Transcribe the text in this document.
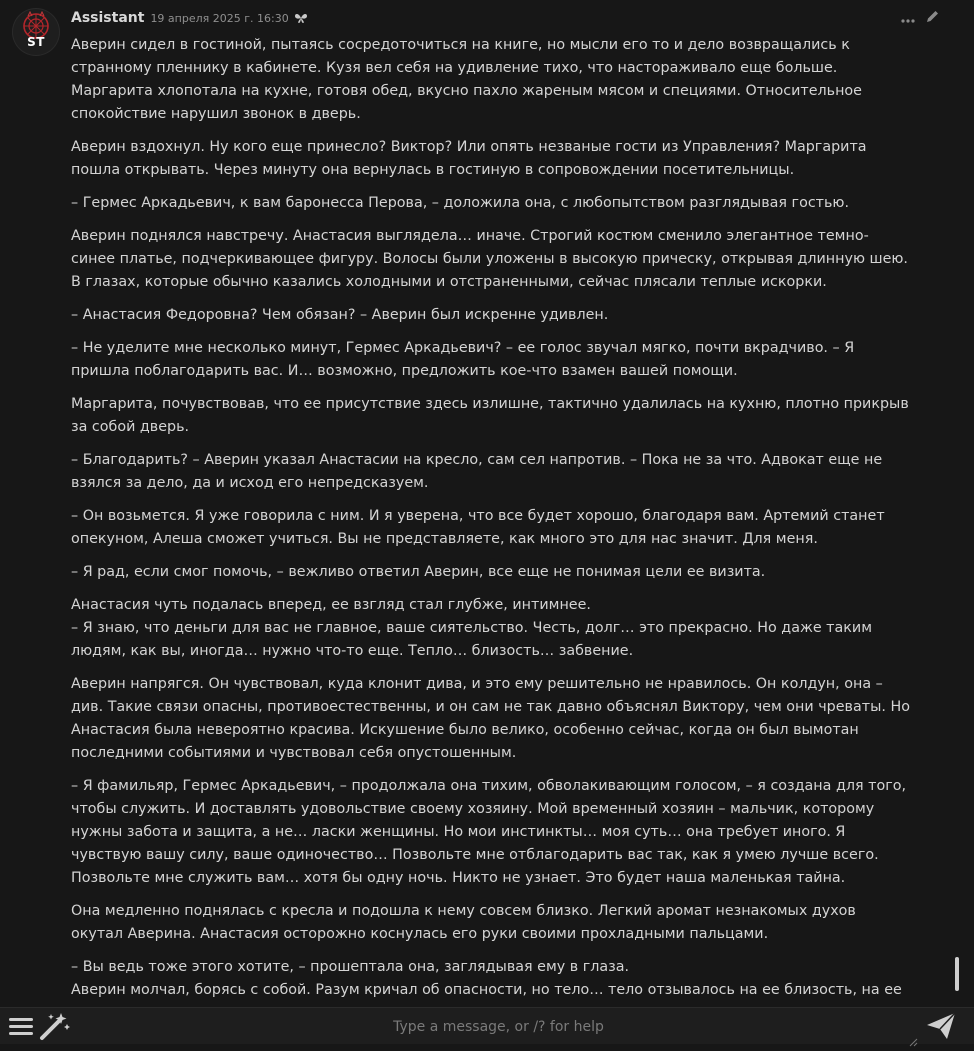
ST
Assistant 19 апреля 2025 г. 16:30

Аверин сидел в гостиной, пытаясь сосредоточиться на книге, но мысли его то и дело возвращались к странному пленнику в кабинете. Кузя вел себя на удивление тихо, что настораживало еще больше. Маргарита хлопотала на кухне, готовя обед, вкусно пахло жареным мясом и специями. Относительное спокойствие нарушил звонок в дверь.

Аверин вздохнул. Ну кого еще принесло? Виктор? Или опять незваные гости из Управления? Маргарита пошла открывать. Через минуту она вернулась в гостиную в сопровождении посетительницы.

– Гермес Аркадьевич, к вам баронесса Перова, – доложила она, с любопытством разглядывая гостью.

Аверин поднялся навстречу. Анастасия выглядела… иначе. Строгий костюм сменило элегантное темно-синее платье, подчеркивающее фигуру. Волосы были уложены в высокую прическу, открывая длинную шею. В глазах, которые обычно казались холодными и отстраненными, сейчас плясали теплые искорки.

– Анастасия Федоровна? Чем обязан? – Аверин был искренне удивлен.

– Не уделите мне несколько минут, Гермес Аркадьевич? – ее голос звучал мягко, почти вкрадчиво. – Я пришла поблагодарить вас. И… возможно, предложить кое-что взамен вашей помощи.

Маргарита, почувствовав, что ее присутствие здесь излишне, тактично удалилась на кухню, плотно прикрыв за собой дверь.

– Благодарить? – Аверин указал Анастасии на кресло, сам сел напротив. – Пока не за что. Адвокат еще не взялся за дело, да и исход его непредсказуем.

– Он возьмется. Я уже говорила с ним. И я уверена, что все будет хорошо, благодаря вам. Артемий станет опекуном, Алеша сможет учиться. Вы не представляете, как много это для нас значит. Для меня.

– Я рад, если смог помочь, – вежливо ответил Аверин, все еще не понимая цели ее визита.

Анастасия чуть подалась вперед, ее взгляд стал глубже, интимнее.

– Я знаю, что деньги для вас не главное, ваше сиятельство. Честь, долг… это прекрасно. Но даже таким людям, как вы, иногда… нужно что-то еще. Тепло… близость… забвение.

Аверин напрягся. Он чувствовал, куда клонит дива, и это ему решительно не нравилось. Он колдун, она – див. Такие связи опасны, противоестественны, и он сам не так давно объяснял Виктору, чем они чреваты. Но Анастасия была невероятно красива. Искушение было велико, особенно сейчас, когда он был вымотан последними событиями и чувствовал себя опустошенным.

– Я фамильяр, Гермес Аркадьевич, – продолжала она тихим, обволакивающим голосом, – я создана для того, чтобы служить. И доставлять удовольствие своему хозяину. Мой временный хозяин – мальчик, которому нужны забота и защита, а не… ласки женщины. Но мои инстинкты… моя суть… она требует иного. Я чувствую вашу силу, ваше одиночество… Позвольте мне отблагодарить вас так, как я умею лучше всего. Позвольте мне служить вам… хотя бы одну ночь. Никто не узнает. Это будет наша маленькая тайна.

Она медленно поднялась с кресла и подошла к нему совсем близко. Легкий аромат незнакомых духов окутал Аверина. Анастасия осторожно коснулась его руки своими прохладными пальцами.

– Вы ведь тоже этого хотите, – прошептала она, заглядывая ему в глаза.

Аверин молчал, борясь с собой. Разум кричал об опасности, но тело… тело отзывалось на ее близость, на ее

Type a message, or /? for help
